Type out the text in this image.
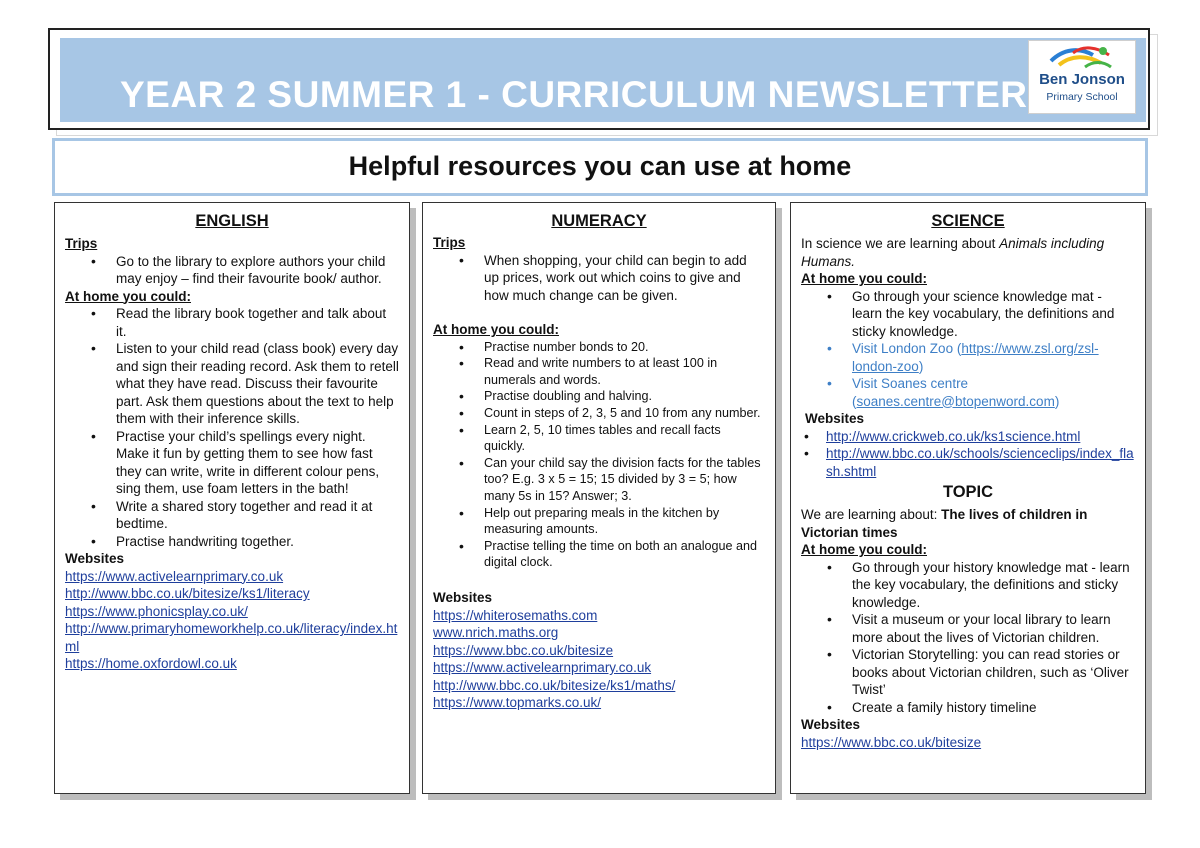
YEAR 2 SUMMER 1 - CURRICULUM NEWSLETTER Ben Jonson
Primary School
Helpful resources you can use at home
ENGLISH

Trips

• Go to the library to explore authors your child may enjoy – find their favourite book/ author.

At home you could:

• Read the library book together and talk about it.
• Listen to your child read (class book) every day and sign their reading record. Ask them to retell what they have read. Discuss their favourite part. Ask them questions about the text to help them with their inference skills.
• Practise your child’s spellings every night. Make it fun by getting them to see how fast they can write, write in different colour pens, sing them, use foam letters in the bath!
• Write a shared story together and read it at bedtime.
• Practise handwriting together.

Websites

https://www.activelearnprimary.co.uk
http://www.bbc.co.uk/bitesize/ks1/literacy
https://www.phonicsplay.co.uk/
http://www.primaryhomeworkhelp.co.uk/literacy/index.html
https://home.oxfordowl.co.uk
NUMERACY

Trips

• When shopping, your child can begin to add up prices, work out which coins to give and how much change can be given.

At home you could:

• Practise number bonds to 20.
• Read and write numbers to at least 100 in numerals and words.
• Practise doubling and halving.
• Count in steps of 2, 3, 5 and 10 from any number.
• Learn 2, 5, 10 times tables and recall facts quickly.
• Can your child say the division facts for the tables too? E.g. 3 x 5 = 15; 15 divided by 3 = 5; how many 5s in 15? Answer; 3.
• Help out preparing meals in the kitchen by measuring amounts.
• Practise telling the time on both an analogue and digital clock.

Websites

https://whiterosemaths.com
www.nrich.maths.org
https://www.bbc.co.uk/bitesize
https://www.activelearnprimary.co.uk
http://www.bbc.co.uk/bitesize/ks1/maths/
https://www.topmarks.co.uk/
SCIENCE

In science we are learning about Animals including Humans.

At home you could:

• Go through your science knowledge mat - learn the key vocabulary, the definitions and sticky knowledge.
• Visit London Zoo (https://www.zsl.org/zsl-london-zoo)
• Visit Soanes centre (soanes.centre@btopenword.com)

Websites

• http://www.crickweb.co.uk/ks1science.html
• http://www.bbc.co.uk/schools/scienceclips/index_flash.shtml
TOPIC

We are learning about: The lives of children in Victorian times

At home you could:

• Go through your history knowledge mat - learn the key vocabulary, the definitions and sticky knowledge.
• Visit a museum or your local library to learn more about the lives of Victorian children.
• Victorian Storytelling: you can read stories or books about Victorian children, such as ‘Oliver Twist’
• Create a family history timeline

Websites

https://www.bbc.co.uk/bitesize
